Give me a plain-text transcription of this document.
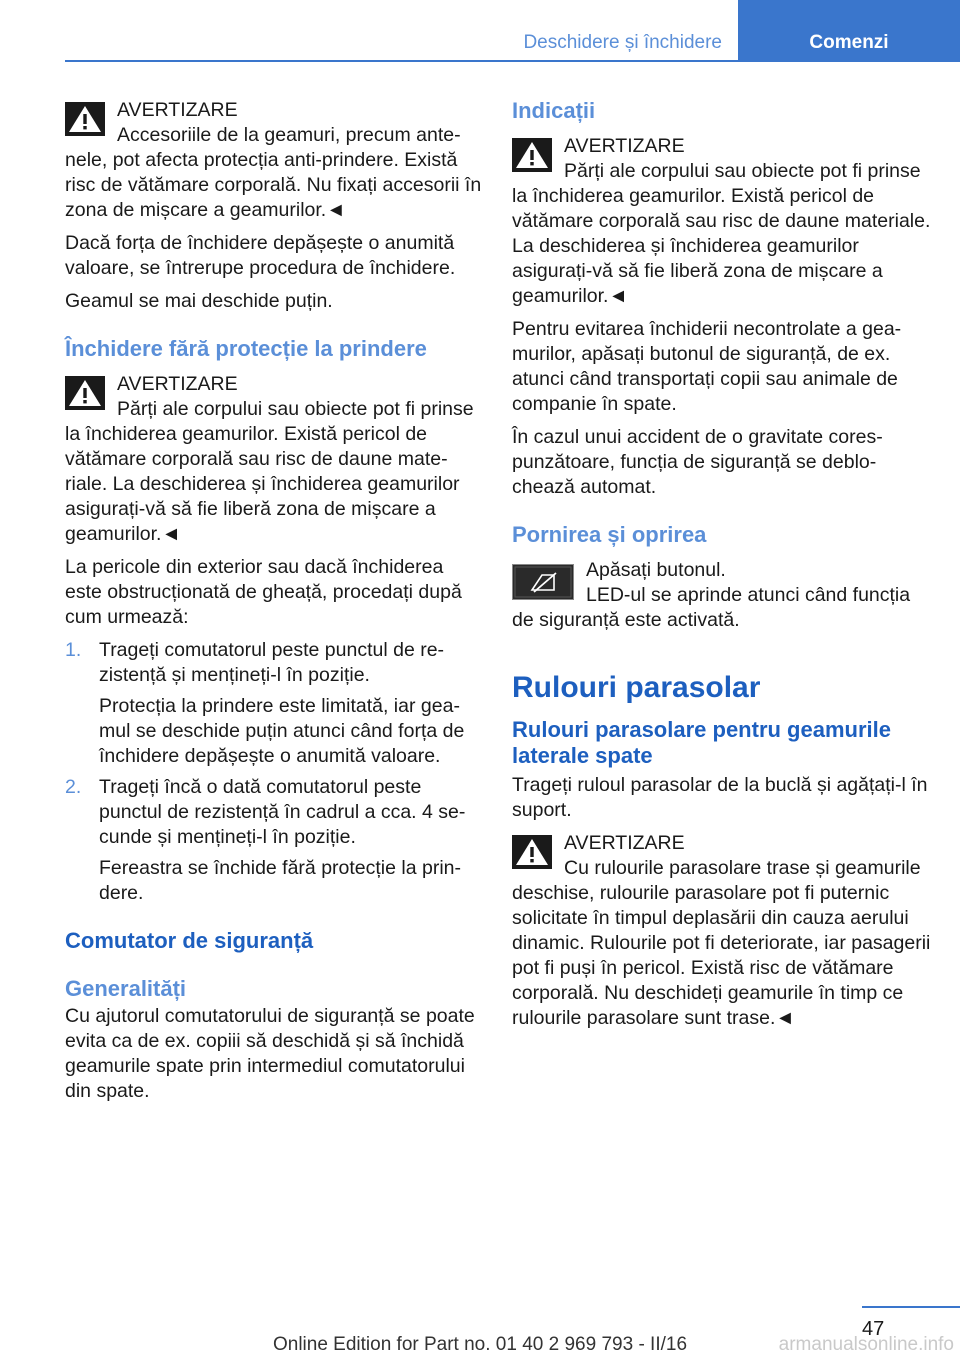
Deschidere și închidere	Comenzi
AVERTIZARE
Accesoriile de la geamuri, precum antenele, pot afecta protecția anti-prindere. Există risc de vătămare corporală. Nu fixați accesorii în zona de mișcare a geamurilor.◄

Dacă forța de închidere depășește o anumită valoare, se întrerupe procedura de închidere.

Geamul se mai deschide puțin.

Închidere fără protecție la prindere
AVERTIZARE
Părți ale corpului sau obiecte pot fi prinse la închiderea geamurilor. Există pericol de vătămare corporală sau risc de daune materiale. La deschiderea și închiderea geamurilor asigurați-vă să fie liberă zona de mișcare a geamurilor.◄

La pericole din exterior sau dacă închiderea este obstrucționată de gheață, procedați după cum urmează:

1. Trageți comutatorul peste punctul de rezistență și mențineți-l în poziție.

Protecția la prindere este limitată, iar geamul se deschide puțin atunci când forța de închidere depășește o anumită valoare.

2. Trageți încă o dată comutatorul peste punctul de rezistență în cadrul a cca. 4 secunde și mențineți-l în poziție.

Fereastra se închide fără protecție la prindere.

Comutator de siguranță
Generalități

Cu ajutorul comutatorului de siguranță se poate evita ca de ex. copiii să deschidă și să închidă geamurile spate prin intermediul comutatorului din spate.

Indicații
AVERTIZARE
Părți ale corpului sau obiecte pot fi prinse la închiderea geamurilor. Există pericol de vătămare corporală sau risc de daune materiale. La deschiderea și închiderea geamurilor asigurați-vă să fie liberă zona de mișcare a geamurilor.◄

Pentru evitarea închiderii necontrolate a geamurilor, apăsați butonul de siguranță, de ex. atunci când transportați copii sau animale de companie în spate.

În cazul unui accident de o gravitate corespunzătoare, funcția de siguranță se deblochează automat.

Pornirea și oprirea
Apăsați butonul.
LED-ul se aprinde atunci când funcția de siguranță este activată.
Rulouri parasolar
Rulouri parasolare pentru geamurile laterale spate

Trageți ruloul parasolar de la buclă și agățați-l în suport.

AVERTIZARE
Cu rulourile parasolare trase și geamurile deschise, rulourile parasolare pot fi puternic solicitate în timpul deplasării din cauza aerului dinamic. Rulourile pot fi deteriorate, iar pasagerii pot fi puși în pericol. Există risc de vătămare corporală. Nu deschideți geamurile în timp ce rulourile parasolare sunt trase.◄
47
Online Edition for Part no. 01 40 2 969 793 - II/16	armanualsonline.info
